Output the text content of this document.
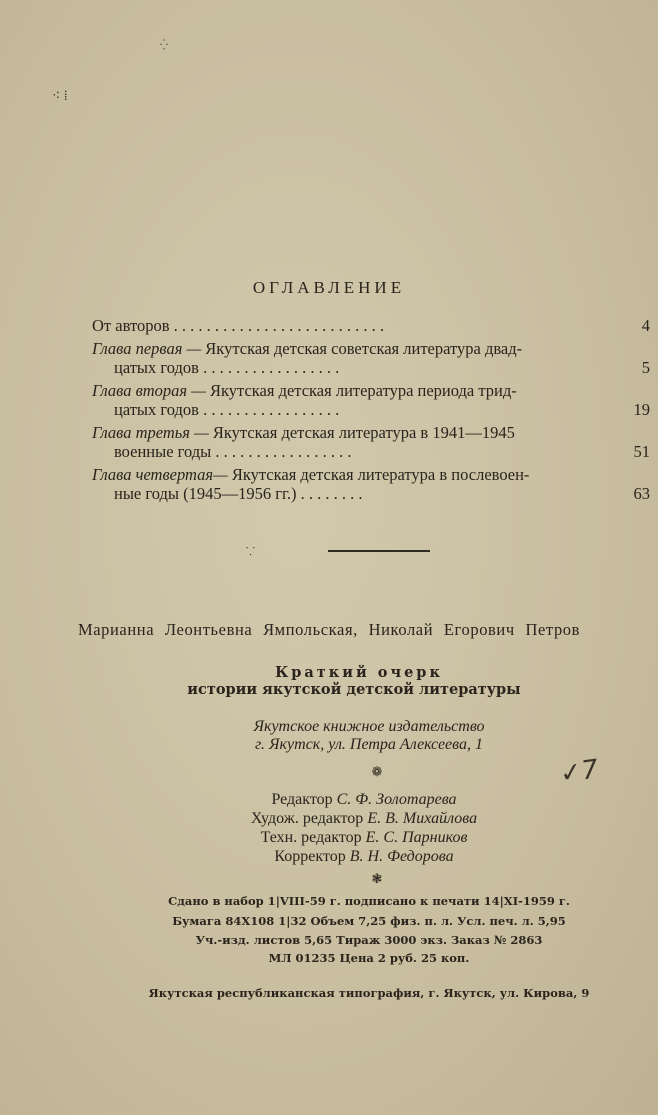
⁖ ⁞
⁛
ОГЛАВЛЕНИЕ
От авторов . . . . . . . . . . . . . . . . . . . . . . . . . .	4
Глава первая — Якутская детская советская литература двад-
цатых годов . . . . . . . . . . . . . . . . .	5
Глава вторая — Якутская детская литература периода трид-
цатых годов . . . . . . . . . . . . . . . . .	19
Глава третья — Якутская детская литература в 1941—1945
военные годы . . . . . . . . . . . . . . . . .	51
Глава четвертая— Якутская детская литература в послевоен-
ные годы (1945—1956 гг.) . . . . . . . .	63
⸪
Марианна Леонтьевна Ямпольская, Николай Егорович Петров
Краткий очерк
истории якутской детской литературы
Якутское книжное издательство
г. Якутск, ул. Петра Алексеева, 1
❁	✓7
Редактор С. Ф. Золотарева
Худож. редактор Е. В. Михайлова
Техн. редактор Е. С. Парников
Корректор В. Н. Федорова
❃
Сдано в набор 1|VIII-59 г. подписано к печати 14|XI-1959 г.
Бумага 84Х108 1|32 Объем 7,25 физ. п. л. Усл. печ. л. 5,95
Уч.-изд. листов 5,65 Тираж 3000 экз. Заказ № 2863
МЛ 01235 Цена 2 руб. 25 коп.
Якутская республиканская типография, г. Якутск, ул. Кирова, 9
